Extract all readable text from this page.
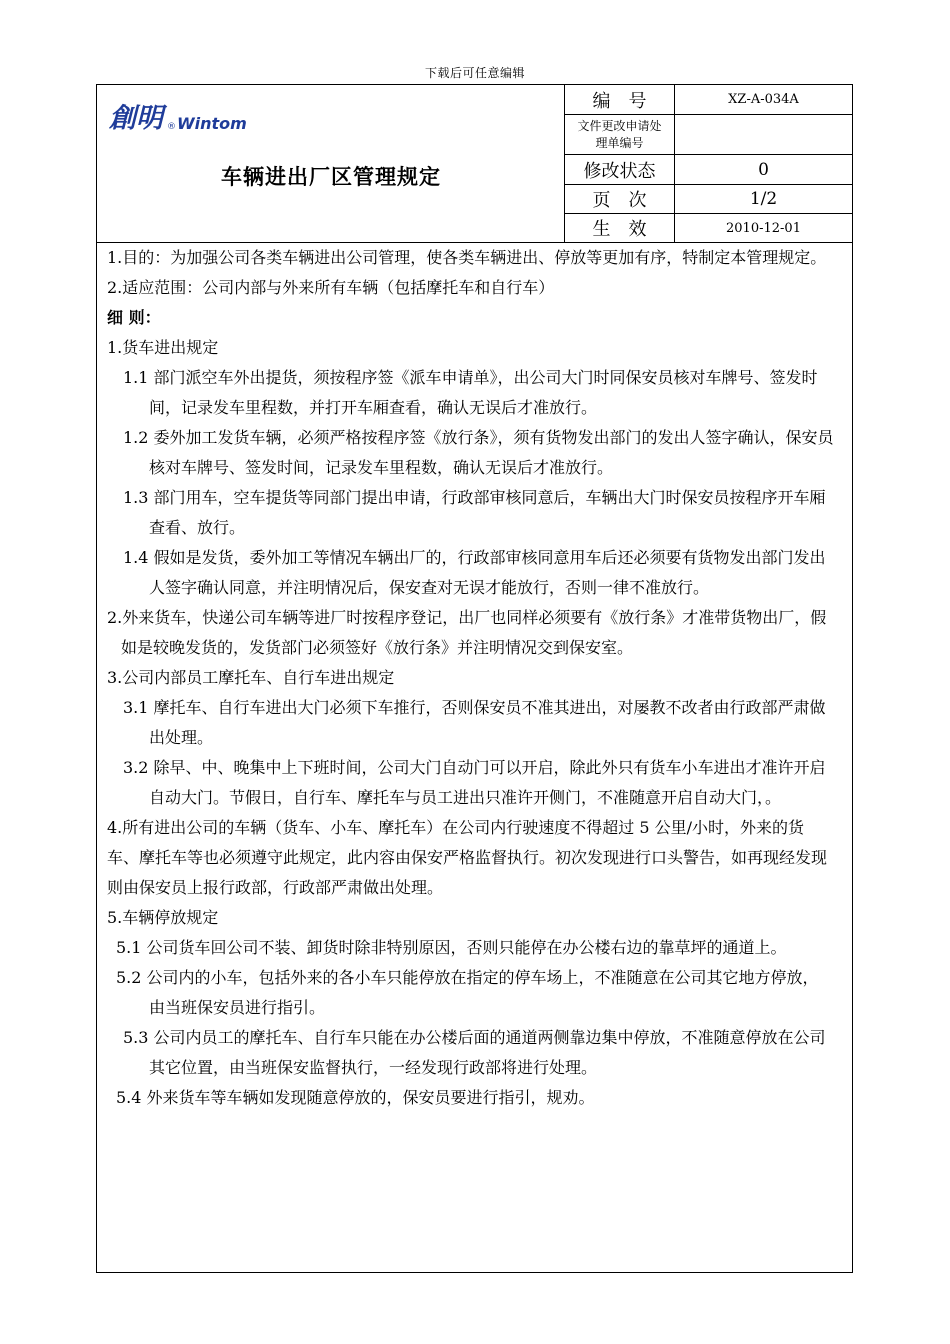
下载后可任意编辑
創明 ® Wintom
车辆进出厂区管理规定
编　号	XZ-A-034A
文件更改申请处理单编号
修改状态	0
页　次	1/2
生　效	2010-12-01

1.目的：为加强公司各类车辆进出公司管理，使各类车辆进出、停放等更加有序，特制定本管理规定。

2.适应范围：公司内部与外来所有车辆（包括摩托车和自行车）

细 则：

1.货车进出规定

1.1 部门派空车外出提货，须按程序签《派车申请单》，出公司大门时同保安员核对车牌号、签发时间，记录发车里程数，并打开车厢查看，确认无误后才准放行。

1.2 委外加工发货车辆，必须严格按程序签《放行条》，须有货物发出部门的发出人签字确认，保安员核对车牌号、签发时间，记录发车里程数，确认无误后才准放行。

1.3 部门用车，空车提货等同部门提出申请，行政部审核同意后，车辆出大门时保安员按程序开车厢查看、放行。

1.4 假如是发货，委外加工等情况车辆出厂的，行政部审核同意用车后还必须要有货物发出部门发出人签字确认同意，并注明情况后，保安查对无误才能放行，否则一律不准放行。

2.外来货车，快递公司车辆等进厂时按程序登记，出厂也同样必须要有《放行条》才准带货物出厂，假如是较晚发货的，发货部门必须签好《放行条》并注明情况交到保安室。

3.公司内部员工摩托车、自行车进出规定

3.1 摩托车、自行车进出大门必须下车推行，否则保安员不准其进出，对屡教不改者由行政部严肃做出处理。

3.2 除早、中、晚集中上下班时间，公司大门自动门可以开启，除此外只有货车小车进出才准许开启自动大门。节假日，自行车、摩托车与员工进出只准许开侧门，不准随意开启自动大门，。

4.所有进出公司的车辆（货车、小车、摩托车）在公司内行驶速度不得超过 5 公里/小时，外来的货车、摩托车等也必须遵守此规定，此内容由保安严格监督执行。初次发现进行口头警告，如再现经发现则由保安员上报行政部，行政部严肃做出处理。

5.车辆停放规定

5.1 公司货车回公司不装、卸货时除非特别原因，否则只能停在办公楼右边的靠草坪的通道上。

5.2 公司内的小车，包括外来的各小车只能停放在指定的停车场上，不准随意在公司其它地方停放，由当班保安员进行指引。

5.3 公司内员工的摩托车、自行车只能在办公楼后面的通道两侧靠边集中停放，不准随意停放在公司其它位置，由当班保安监督执行，一经发现行政部将进行处理。

5.4 外来货车等车辆如发现随意停放的，保安员要进行指引，规劝。
